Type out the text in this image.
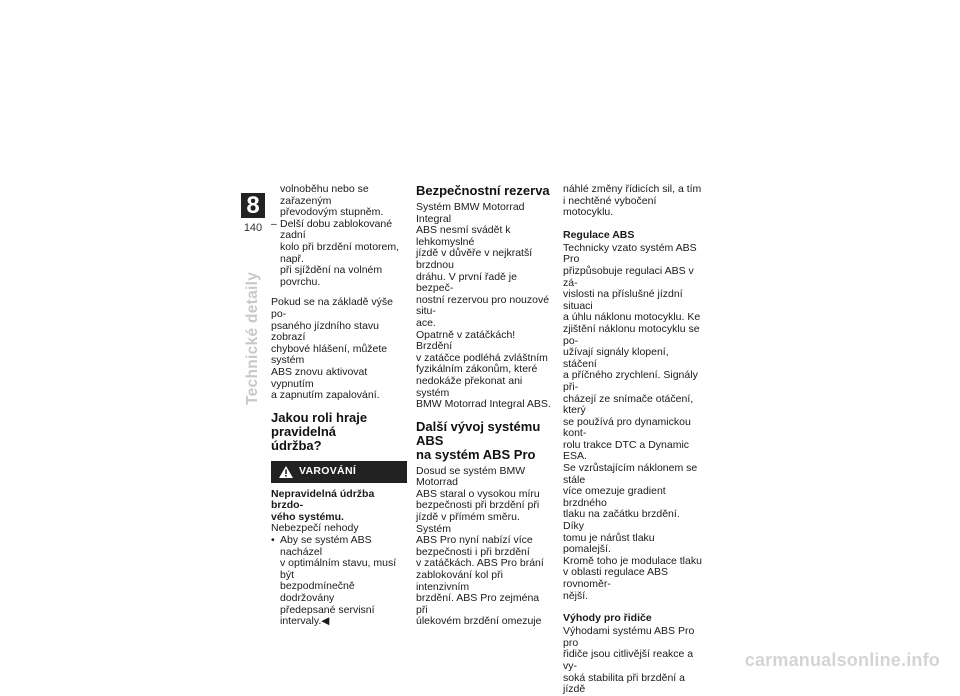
8
140
Technické detaily
volnoběhu nebo se zařazeným
převodovým stupněm.
– Delší dobu zablokované zadní
kolo při brzdění motorem, např.
při sjíždění na volném povrchu.

Pokud se na základě výše po-
psaného jízdního stavu zobrazí
chybové hlášení, můžete systém
ABS znovu aktivovat vypnutím
a zapnutím zapalování.

Jakou roli hraje pravidelná
údržba?
VAROVÁNÍ

Nepravidelná údržba brzdo-
vého systému.

Nebezpečí nehody

• Aby se systém ABS nacházel
v optimálním stavu, musí být
bezpodmínečně dodržovány
předepsané servisní intervaly.◀
Bezpečnostní rezerva

Systém BMW Motorrad Integral
ABS nesmí svádět k lehkomyslné
jízdě v důvěře v nejkratší brzdnou
dráhu. V první řadě je bezpeč-
nostní rezervou pro nouzové situ-
ace.

Opatrně v zatáčkách! Brzdění
v zatáčce podléhá zvláštním
fyzikálním zákonům, které
nedokáže překonat ani systém
BMW Motorrad Integral ABS.

Další vývoj systému ABS
na systém ABS Pro

Dosud se systém BMW Motorrad
ABS staral o vysokou míru
bezpečnosti při brzdění při
jízdě v přímém směru. Systém
ABS Pro nyní nabízí více
bezpečnosti i při brzdění
v zatáčkách. ABS Pro brání
zablokování kol při intenzivním
brzdění. ABS Pro zejména při
úlekovém brzdění omezuje

náhlé změny řídicích sil, a tím
i nechtěné vybočení motocyklu.

Regulace ABS

Technicky vzato systém ABS Pro
přizpůsobuje regulaci ABS v zá-
vislosti na příslušné jízdní situaci
a úhlu náklonu motocyklu. Ke
zjištění náklonu motocyklu se po-
užívají signály klopení, stáčení
a příčného zrychlení. Signály při-
cházejí ze snímače otáčení, který
se používá pro dynamickou kont-
rolu trakce DTC a Dynamic ESA.
Se vzrůstajícím náklonem se stále
více omezuje gradient brzdného
tlaku na začátku brzdění. Díky
tomu je nárůst tlaku pomalejší.
Kromě toho je modulace tlaku
v oblasti regulace ABS rovnoměr-
nější.

Výhody pro řidiče

Výhodami systému ABS Pro pro
řidiče jsou citlivější reakce a vy-
soká stabilita při brzdění a jízdě

carmanualsonline.info
